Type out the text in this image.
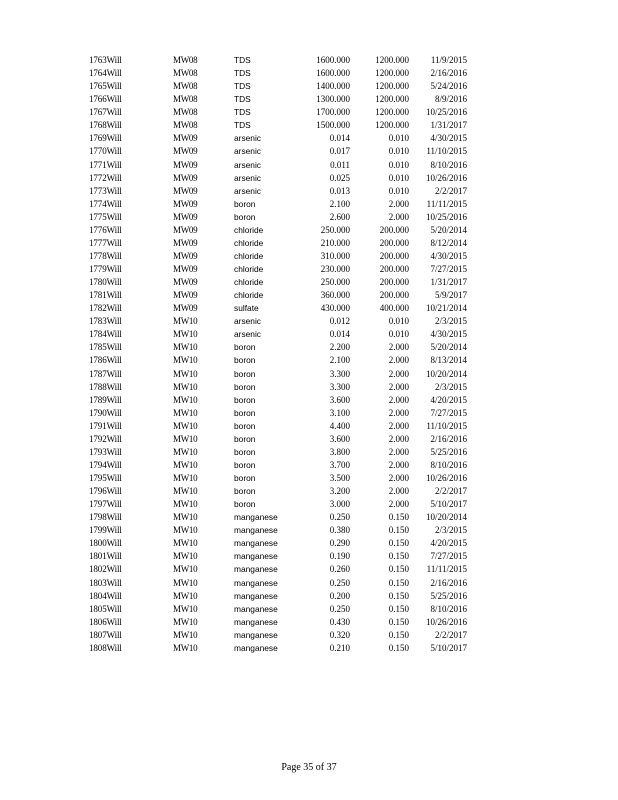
1763Will	MW08	TDS	1600.000	1200.000	11/9/2015
1764Will	MW08	TDS	1600.000	1200.000	2/16/2016
1765Will	MW08	TDS	1400.000	1200.000	5/24/2016
1766Will	MW08	TDS	1300.000	1200.000	8/9/2016
1767Will	MW08	TDS	1700.000	1200.000	10/25/2016
1768Will	MW08	TDS	1500.000	1200.000	1/31/2017
1769Will	MW09	arsenic	0.014	0.010	4/30/2015
1770Will	MW09	arsenic	0.017	0.010	11/10/2015
1771Will	MW09	arsenic	0.011	0.010	8/10/2016
1772Will	MW09	arsenic	0.025	0.010	10/26/2016
1773Will	MW09	arsenic	0.013	0.010	2/2/2017
1774Will	MW09	boron	2.100	2.000	11/11/2015
1775Will	MW09	boron	2.600	2.000	10/25/2016
1776Will	MW09	chloride	250.000	200.000	5/20/2014
1777Will	MW09	chloride	210.000	200.000	8/12/2014
1778Will	MW09	chloride	310.000	200.000	4/30/2015
1779Will	MW09	chloride	230.000	200.000	7/27/2015
1780Will	MW09	chloride	250.000	200.000	1/31/2017
1781Will	MW09	chloride	360.000	200.000	5/9/2017
1782Will	MW09	sulfate	430.000	400.000	10/21/2014
1783Will	MW10	arsenic	0.012	0.010	2/3/2015
1784Will	MW10	arsenic	0.014	0.010	4/30/2015
1785Will	MW10	boron	2.200	2.000	5/20/2014
1786Will	MW10	boron	2.100	2.000	8/13/2014
1787Will	MW10	boron	3.300	2.000	10/20/2014
1788Will	MW10	boron	3.300	2.000	2/3/2015
1789Will	MW10	boron	3.600	2.000	4/20/2015
1790Will	MW10	boron	3.100	2.000	7/27/2015
1791Will	MW10	boron	4.400	2.000	11/10/2015
1792Will	MW10	boron	3.600	2.000	2/16/2016
1793Will	MW10	boron	3.800	2.000	5/25/2016
1794Will	MW10	boron	3.700	2.000	8/10/2016
1795Will	MW10	boron	3.500	2.000	10/26/2016
1796Will	MW10	boron	3.200	2.000	2/2/2017
1797Will	MW10	boron	3.000	2.000	5/10/2017
1798Will	MW10	manganese	0.250	0.150	10/20/2014
1799Will	MW10	manganese	0.380	0.150	2/3/2015
1800Will	MW10	manganese	0.290	0.150	4/20/2015
1801Will	MW10	manganese	0.190	0.150	7/27/2015
1802Will	MW10	manganese	0.260	0.150	11/11/2015
1803Will	MW10	manganese	0.250	0.150	2/16/2016
1804Will	MW10	manganese	0.200	0.150	5/25/2016
1805Will	MW10	manganese	0.250	0.150	8/10/2016
1806Will	MW10	manganese	0.430	0.150	10/26/2016
1807Will	MW10	manganese	0.320	0.150	2/2/2017
1808Will	MW10	manganese	0.210	0.150	5/10/2017
Page 35 of 37
